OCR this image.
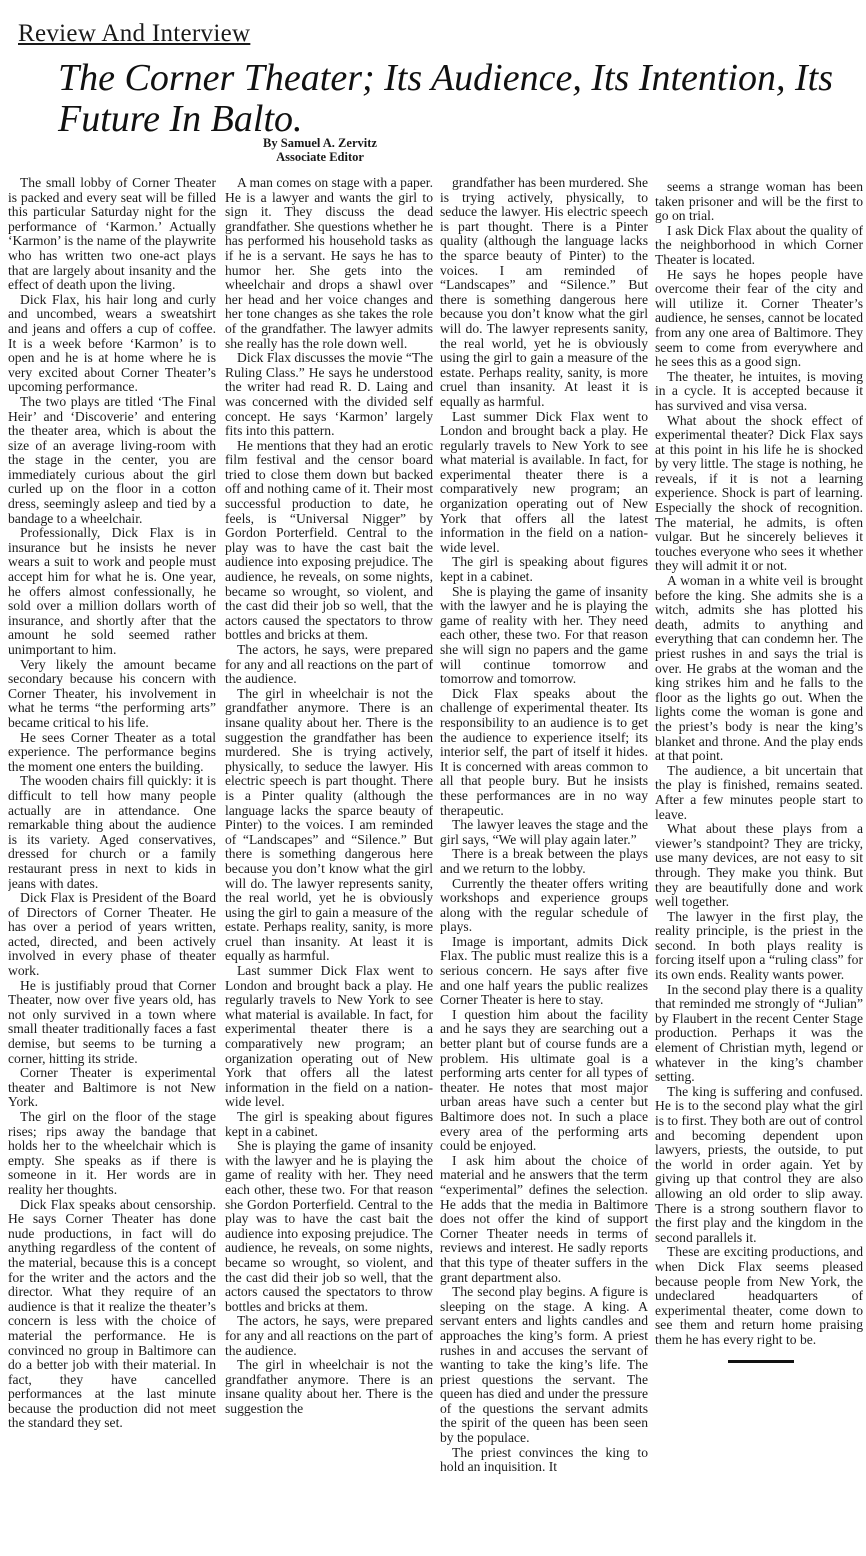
Review And Interview
The Corner Theater; Its Audience, Its Intention, Its Future In Balto.
By Samuel A. Zervitz
Associate Editor

The small lobby of Corner Theater is packed and every seat will be filled this particular Saturday night for the performance of ‘Karmon.’ Actually ‘Karmon’ is the name of the playwrite who has written two one-act plays that are largely about insanity and the effect of death upon the living.

Dick Flax, his hair long and curly and uncombed, wears a sweatshirt and jeans and offers a cup of coffee. It is a week before ‘Karmon’ is to open and he is at home where he is very excited about Corner Theater’s upcoming performance.

The two plays are titled ‘The Final Heir’ and ‘Discoverie’ and entering the theater area, which is about the size of an average living-room with the stage in the center, you are immediately curious about the girl curled up on the floor in a cotton dress, seemingly asleep and tied by a bandage to a wheelchair.

Professionally, Dick Flax is in insurance but he insists he never wears a suit to work and people must accept him for what he is. One year, he offers almost confessionally, he sold over a million dollars worth of insurance, and shortly after that the amount he sold seemed rather unimportant to him.

Very likely the amount became secondary because his concern with Corner Theater, his involvement in what he terms “the performing arts” became critical to his life.

He sees Corner Theater as a total experience. The performance begins the moment one enters the building.

The wooden chairs fill quickly: it is difficult to tell how many people actually are in attendance. One remarkable thing about the audience is its variety. Aged conservatives, dressed for church or a family restaurant press in next to kids in jeans with dates.

Dick Flax is President of the Board of Directors of Corner Theater. He has over a period of years written, acted, directed, and been actively involved in every phase of theater work.

He is justifiably proud that Corner Theater, now over five years old, has not only survived in a town where small theater traditionally faces a fast demise, but seems to be turning a corner, hitting its stride.

Corner Theater is experimental theater and Baltimore is not New York.

The girl on the floor of the stage rises; rips away the bandage that holds her to the wheelchair which is empty. She speaks as if there is someone in it. Her words are in reality her thoughts.

Dick Flax speaks about censorship. He says Corner Theater has done nude productions, in fact will do anything regardless of the content of the material, because this is a concept for the writer and the actors and the director. What they require of an audience is that it realize the theater’s concern is less with the choice of material the performance. He is convinced no group in Baltimore can do a better job with their material. In fact, they have cancelled performances at the last minute because the production did not meet the standard they set.

A man comes on stage with a paper. He is a lawyer and wants the girl to sign it. They discuss the dead grandfather. She questions whether he has performed his household tasks as if he is a servant. He says he has to humor her. She gets into the wheelchair and drops a shawl over her head and her voice changes and her tone changes as she takes the role of the grandfather. The lawyer admits she really has the role down well.

Dick Flax discusses the movie “The Ruling Class.” He says he understood the writer had read R. D. Laing and was concerned with the divided self concept. He says ‘Karmon’ largely fits into this pattern.

He mentions that they had an erotic film festival and the censor board tried to close them down but backed off and nothing came of it. Their most successful production to date, he feels, is “Universal Nigger” by Gordon Porterfield. Central to the play was to have the cast bait the audience into exposing prejudice. The audience, he reveals, on some nights, became so wrought, so violent, and the cast did their job so well, that the actors caused the spectators to throw bottles and bricks at them.

The actors, he says, were prepared for any and all reactions on the part of the audience.

The girl in wheelchair is not the grandfather anymore. There is an insane quality about her. There is the suggestion the grandfather has been murdered. She is trying actively, physically, to seduce the lawyer. His electric speech is part thought. There is a Pinter quality (although the language lacks the sparce beauty of Pinter) to the voices. I am reminded of “Landscapes” and “Silence.” But there is something dangerous here because you don’t know what the girl will do. The lawyer represents sanity, the real world, yet he is obviously using the girl to gain a measure of the estate. Perhaps reality, sanity, is more cruel than insanity. At least it is equally as harmful.

Last summer Dick Flax went to London and brought back a play. He regularly travels to New York to see what material is available. In fact, for experimental theater there is a comparatively new program; an organization operating out of New York that offers all the latest information in the field on a nation-wide level.

The girl is speaking about figures kept in a cabinet.

She is playing the game of insanity with the lawyer and he is playing the game of reality with her. They need each other, these two. For that reason she Gordon Porterfield. Central to the play was to have the cast bait the audience into exposing prejudice. The audience, he reveals, on some nights, became so wrought, so violent, and the cast did their job so well, that the actors caused the spectators to throw bottles and bricks at them.

The actors, he says, were prepared for any and all reactions on the part of the audience.

The girl in wheelchair is not the grandfather anymore. There is an insane quality about her. There is the suggestion the

grandfather has been murdered. She is trying actively, physically, to seduce the lawyer. His electric speech is part thought. There is a Pinter quality (although the language lacks the sparce beauty of Pinter) to the voices. I am reminded of “Landscapes” and “Silence.” But there is something dangerous here because you don’t know what the girl will do. The lawyer represents sanity, the real world, yet he is obviously using the girl to gain a measure of the estate. Perhaps reality, sanity, is more cruel than insanity. At least it is equally as harmful.

Last summer Dick Flax went to London and brought back a play. He regularly travels to New York to see what material is available. In fact, for experimental theater there is a comparatively new program; an organization operating out of New York that offers all the latest information in the field on a nation-wide level.

The girl is speaking about figures kept in a cabinet.

She is playing the game of insanity with the lawyer and he is playing the game of reality with her. They need each other, these two. For that reason she will sign no papers and the game will continue tomorrow and tomorrow and tomorrow.

Dick Flax speaks about the challenge of experimental theater. Its responsibility to an audience is to get the audience to experience itself; its interior self, the part of itself it hides. It is concerned with areas common to all that people bury. But he insists these performances are in no way therapeutic.

The lawyer leaves the stage and the girl says, “We will play again later.”

There is a break between the plays and we return to the lobby.

Currently the theater offers writing workshops and experience groups along with the regular schedule of plays.

Image is important, admits Dick Flax. The public must realize this is a serious concern. He says after five and one half years the public realizes Corner Theater is here to stay.

I question him about the facility and he says they are searching out a better plant but of course funds are a problem. His ultimate goal is a performing arts center for all types of theater. He notes that most major urban areas have such a center but Baltimore does not. In such a place every area of the performing arts could be enjoyed.

I ask him about the choice of material and he answers that the term “experimental” defines the selection. He adds that the media in Baltimore does not offer the kind of support Corner Theater needs in terms of reviews and interest. He sadly reports that this type of theater suffers in the grant department also.

The second play begins. A figure is sleeping on the stage. A king. A servant enters and lights candles and approaches the king’s form. A priest rushes in and accuses the servant of wanting to take the king’s life. The priest questions the servant. The queen has died and under the pressure of the questions the servant admits the spirit of the queen has been seen by the populace.

The priest convinces the king to hold an inquisition. It

seems a strange woman has been taken prisoner and will be the first to go on trial.

I ask Dick Flax about the quality of the neighborhood in which Corner Theater is located.

He says he hopes people have overcome their fear of the city and will utilize it. Corner Theater’s audience, he senses, cannot be located from any one area of Baltimore. They seem to come from everywhere and he sees this as a good sign.

The theater, he intuites, is moving in a cycle. It is accepted because it has survived and visa versa.

What about the shock effect of experimental theater? Dick Flax says at this point in his life he is shocked by very little. The stage is nothing, he reveals, if it is not a learning experience. Shock is part of learning. Especially the shock of recognition. The material, he admits, is often vulgar. But he sincerely believes it touches everyone who sees it whether they will admit it or not.

A woman in a white veil is brought before the king. She admits she is a witch, admits she has plotted his death, admits to anything and everything that can condemn her. The priest rushes in and says the trial is over. He grabs at the woman and the king strikes him and he falls to the floor as the lights go out. When the lights come the woman is gone and the priest’s body is near the king’s blanket and throne. And the play ends at that point.

The audience, a bit uncertain that the play is finished, remains seated. After a few minutes people start to leave.

What about these plays from a viewer’s standpoint? They are tricky, use many devices, are not easy to sit through. They make you think. But they are beautifully done and work well together.

The lawyer in the first play, the reality principle, is the priest in the second. In both plays reality is forcing itself upon a “ruling class” for its own ends. Reality wants power.

In the second play there is a quality that reminded me strongly of “Julian” by Flaubert in the recent Center Stage production. Perhaps it was the element of Christian myth, legend or whatever in the king’s chamber setting.

The king is suffering and confused. He is to the second play what the girl is to first. They both are out of control and becoming dependent upon lawyers, priests, the outside, to put the world in order again. Yet by giving up that control they are also allowing an old order to slip away. There is a strong southern flavor to the first play and the kingdom in the second parallels it.

These are exciting productions, and when Dick Flax seems pleased because people from New York, the undeclared headquarters of experimental theater, come down to see them and return home praising them he has every right to be.
